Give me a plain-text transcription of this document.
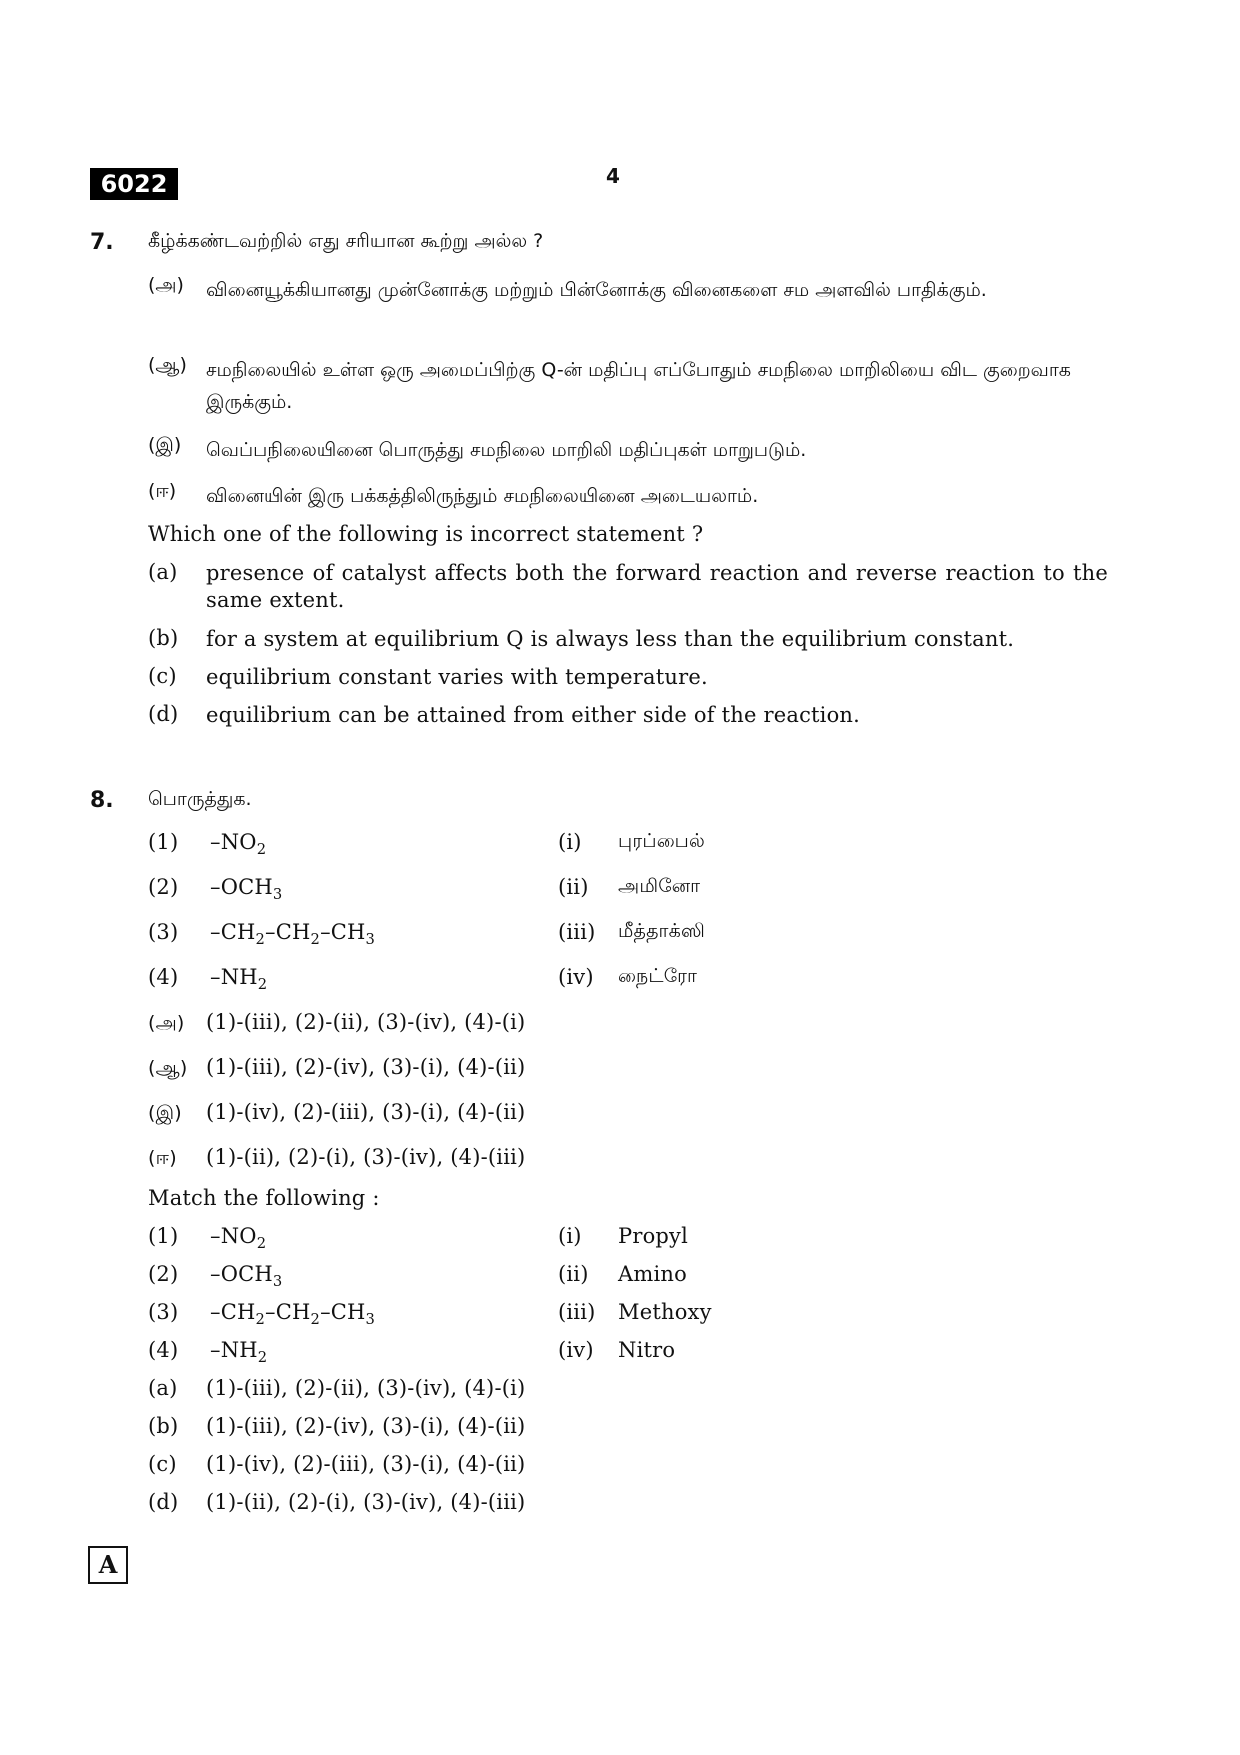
6022	4
7. கீழ்க்கண்டவற்றில் எது சரியான கூற்று அல்ல ?
(அ) வினையூக்கியானது முன்னோக்கு மற்றும் பின்னோக்கு வினைகளை சம அளவில் பாதிக்கும்.
(ஆ) சமநிலையில் உள்ள ஒரு அமைப்பிற்கு Q-ன் மதிப்பு எப்போதும் சமநிலை மாறிலியை விட குறைவாக இருக்கும்.
(இ) வெப்பநிலையினை பொருத்து சமநிலை மாறிலி மதிப்புகள் மாறுபடும்.
(ஈ) வினையின் இரு பக்கத்திலிருந்தும் சமநிலையினை அடையலாம்.
Which one of the following is incorrect statement ?
(a) presence of catalyst affects both the forward reaction and reverse reaction to the same extent.
(b) for a system at equilibrium Q is always less than the equilibrium constant.
(c) equilibrium constant varies with temperature.
(d) equilibrium can be attained from either side of the reaction.
8. பொருத்துக.
(1) $-NO_2$	(i) புரப்பைல்
(2) $-OCH_3$	(ii) அமினோ
(3) $-CH_2-CH_2-CH_3$	(iii) மீத்தாக்ஸி
(4) $-NH_2$	(iv) நைட்ரோ
(அ) (1)-(iii), (2)-(ii), (3)-(iv), (4)-(i)
(ஆ) (1)-(iii), (2)-(iv), (3)-(i), (4)-(ii)
(இ) (1)-(iv), (2)-(iii), (3)-(i), (4)-(ii)
(ஈ) (1)-(ii), (2)-(i), (3)-(iv), (4)-(iii)
Match the following :
(1) $-NO_2$	(i) Propyl
(2) $-OCH_3$	(ii) Amino
(3) $-CH_2-CH_2-CH_3$	(iii) Methoxy
(4) $-NH_2$	(iv) Nitro
(a) (1)-(iii), (2)-(ii), (3)-(iv), (4)-(i)
(b) (1)-(iii), (2)-(iv), (3)-(i), (4)-(ii)
(c) (1)-(iv), (2)-(iii), (3)-(i), (4)-(ii)
(d) (1)-(ii), (2)-(i), (3)-(iv), (4)-(iii)
A
